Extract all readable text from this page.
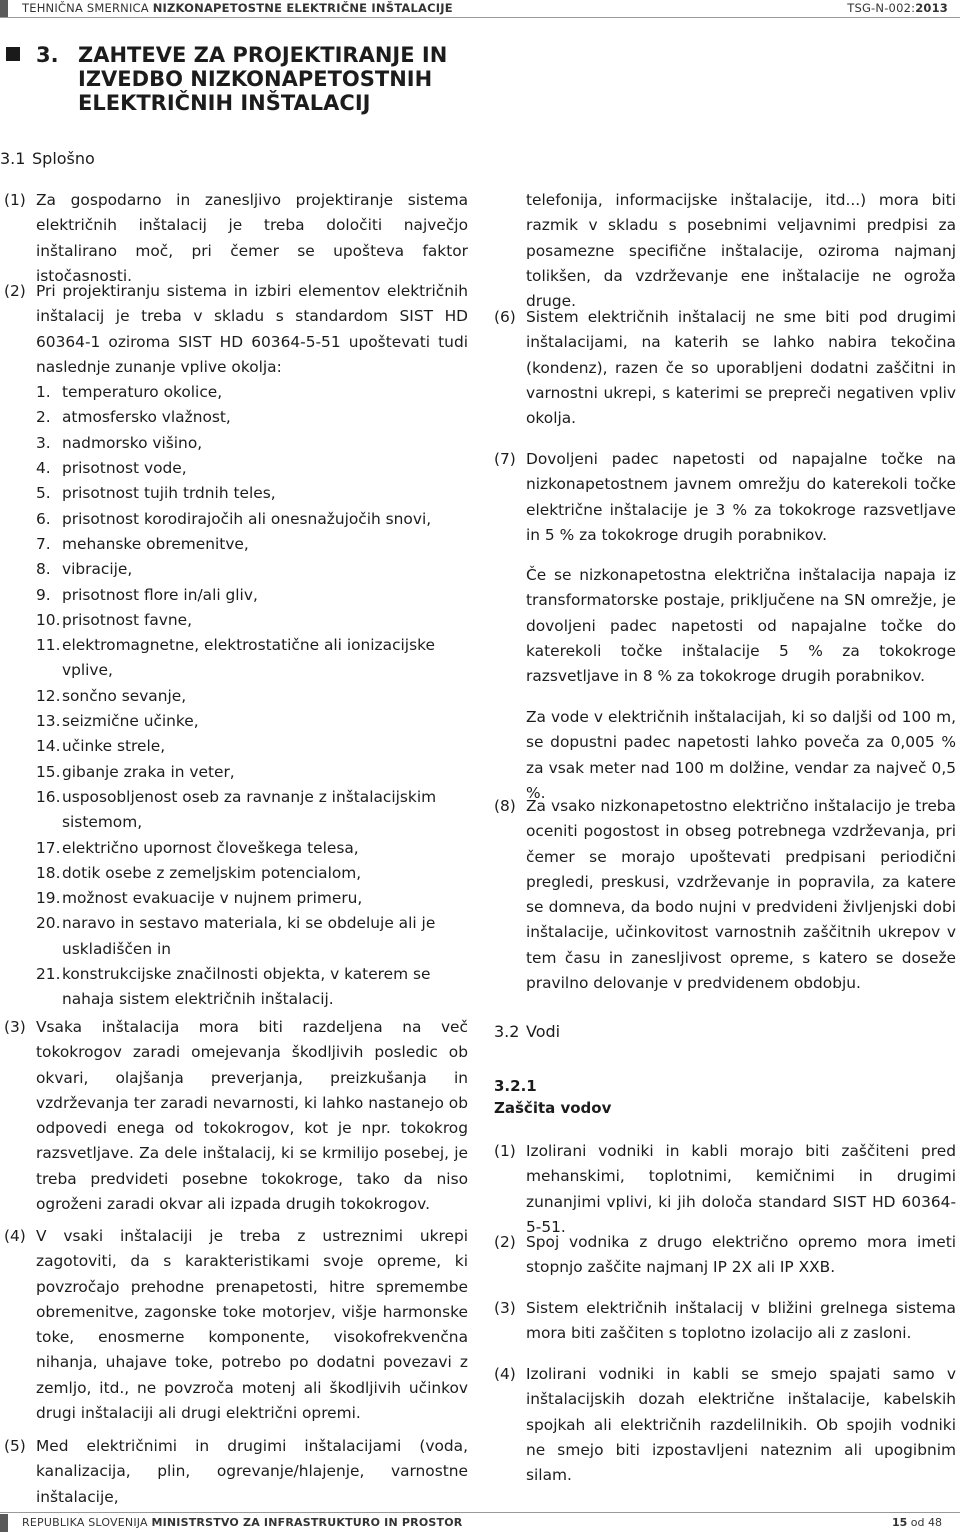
TEHNIČNA SMERNICA NIZKONAPETOSTNE ELEKTRIČNE INŠTALACIJE	TSG-N-002:2013
3. ZAHTEVE ZA PROJEKTIRANJE IN IZVEDBO NIZKONAPETOSTNIH ELEKTRIČNIH INŠTALACIJ
3.1 Splošno
(1) Za gospodarno in zanesljivo projektiranje sistema električnih inštalacij je treba določiti največjo inštalirano moč, pri čemer se upošteva faktor istočasnosti.
(2) Pri projektiranju sistema in izbiri elementov električnih inštalacij je treba v skladu s standardom SIST HD 60364-1 oziroma SIST HD 60364-5-51 upoštevati tudi naslednje zunanje vplive okolja:
1. temperaturo okolice,
2. atmosfersko vlažnost,
3. nadmorsko višino,
4. prisotnost vode,
5. prisotnost tujih trdnih teles,
6. prisotnost korodirajočih ali onesnažujočih snovi,
7. mehanske obremenitve,
8. vibracije,
9. prisotnost flore in/ali gliv,
10. prisotnost favne,
11. elektromagnetne, elektrostatične ali ionizacijske vplive,
12. sončno sevanje,
13. seizmične učinke,
14. učinke strele,
15. gibanje zraka in veter,
16. usposobljenost oseb za ravnanje z inštalacijskim sistemom,
17. električno upornost človeškega telesa,
18. dotik osebe z zemeljskim potencialom,
19. možnost evakuacije v nujnem primeru,
20. naravo in sestavo materiala, ki se obdeluje ali je uskladiščen in
21. konstrukcijske značilnosti objekta, v katerem se nahaja sistem električnih inštalacij.
(3) Vsaka inštalacija mora biti razdeljena na več tokokrogov zaradi omejevanja škodljivih posledic ob okvari, olajšanja preverjanja, preizkušanja in vzdrževanja ter zaradi nevarnosti, ki lahko nastanejo ob odpovedi enega od tokokrogov, kot je npr. tokokrog razsvetljave. Za dele inštalacij, ki se krmilijo posebej, je treba predvideti posebne tokokroge, tako da niso ogroženi zaradi okvar ali izpada drugih tokokrogov.
(4) V vsaki inštalaciji je treba z ustreznimi ukrepi zagotoviti, da s karakteristikami svoje opreme, ki povzročajo prehodne prenapetosti, hitre spremembe obremenitve, zagonske toke motorjev, višje harmonske toke, enosmerne komponente, visokofrekvenčna nihanja, uhajave toke, potrebo po dodatni povezavi z zemljo, itd., ne povzroča motenj ali škodljivih učinkov drugi inštalaciji ali drugi električni opremi.
(5) Med električnimi in drugimi inštalacijami (voda, kanalizacija, plin, ogrevanje/hlajenje, varnostne inštalacije,
telefonija, informacijske inštalacije, itd...) mora biti razmik v skladu s posebnimi veljavnimi predpisi za posamezne specifične inštalacije, oziroma najmanj tolikšen, da vzdrževanje ene inštalacije ne ogroža druge.
(6) Sistem električnih inštalacij ne sme biti pod drugimi inštalacijami, na katerih se lahko nabira tekočina (kondenz), razen če so uporabljeni dodatni zaščitni in varnostni ukrepi, s katerimi se prepreči negativen vpliv okolja.
(7) Dovoljeni padec napetosti od napajalne točke na nizkonapetostnem javnem omrežju do katerekoli točke električne inštalacije je 3 % za tokokroge razsvetljave in 5 % za tokokroge drugih porabnikov.
Če se nizkonapetostna električna inštalacija napaja iz transformatorske postaje, priključene na SN omrežje, je dovoljeni padec napetosti od napajalne točke do katerekoli točke inštalacije 5 % za tokokroge razsvetljave in 8 % za tokokroge drugih porabnikov.
Za vode v električnih inštalacijah, ki so daljši od 100 m, se dopustni padec napetosti lahko poveča za 0,005 % za vsak meter nad 100 m dolžine, vendar za največ 0,5 %.
(8) Za vsako nizkonapetostno električno inštalacijo je treba oceniti pogostost in obseg potrebnega vzdrževanja, pri čemer se morajo upoštevati predpisani periodični pregledi, preskusi, vzdrževanje in popravila, za katere se domneva, da bodo nujni v predvideni življenjski dobi inštalacije, učinkovitost varnostnih zaščitnih ukrepov v tem času in zanesljivost opreme, s katero se doseže pravilno delovanje v predvidenem obdobju.
3.2 Vodi
3.2.1
Zaščita vodov
(1) Izolirani vodniki in kabli morajo biti zaščiteni pred mehanskimi, toplotnimi, kemičnimi in drugimi zunanjimi vplivi, ki jih določa standard SIST HD 60364-5-51.
(2) Spoj vodnika z drugo električno opremo mora imeti stopnjo zaščite najmanj IP 2X ali IP XXB.
(3) Sistem električnih inštalacij v bližini grelnega sistema mora biti zaščiten s toplotno izolacijo ali z zasloni.
(4) Izolirani vodniki in kabli se smejo spajati samo v inštalacijskih dozah električne inštalacije, kabelskih spojkah ali električnih razdelilnikih. Ob spojih vodniki ne smejo biti izpostavljeni nateznim ali upogibnim silam.
REPUBLIKA SLOVENIJA MINISTRSTVO ZA INFRASTRUKTURO IN PROSTOR	15 od 48
